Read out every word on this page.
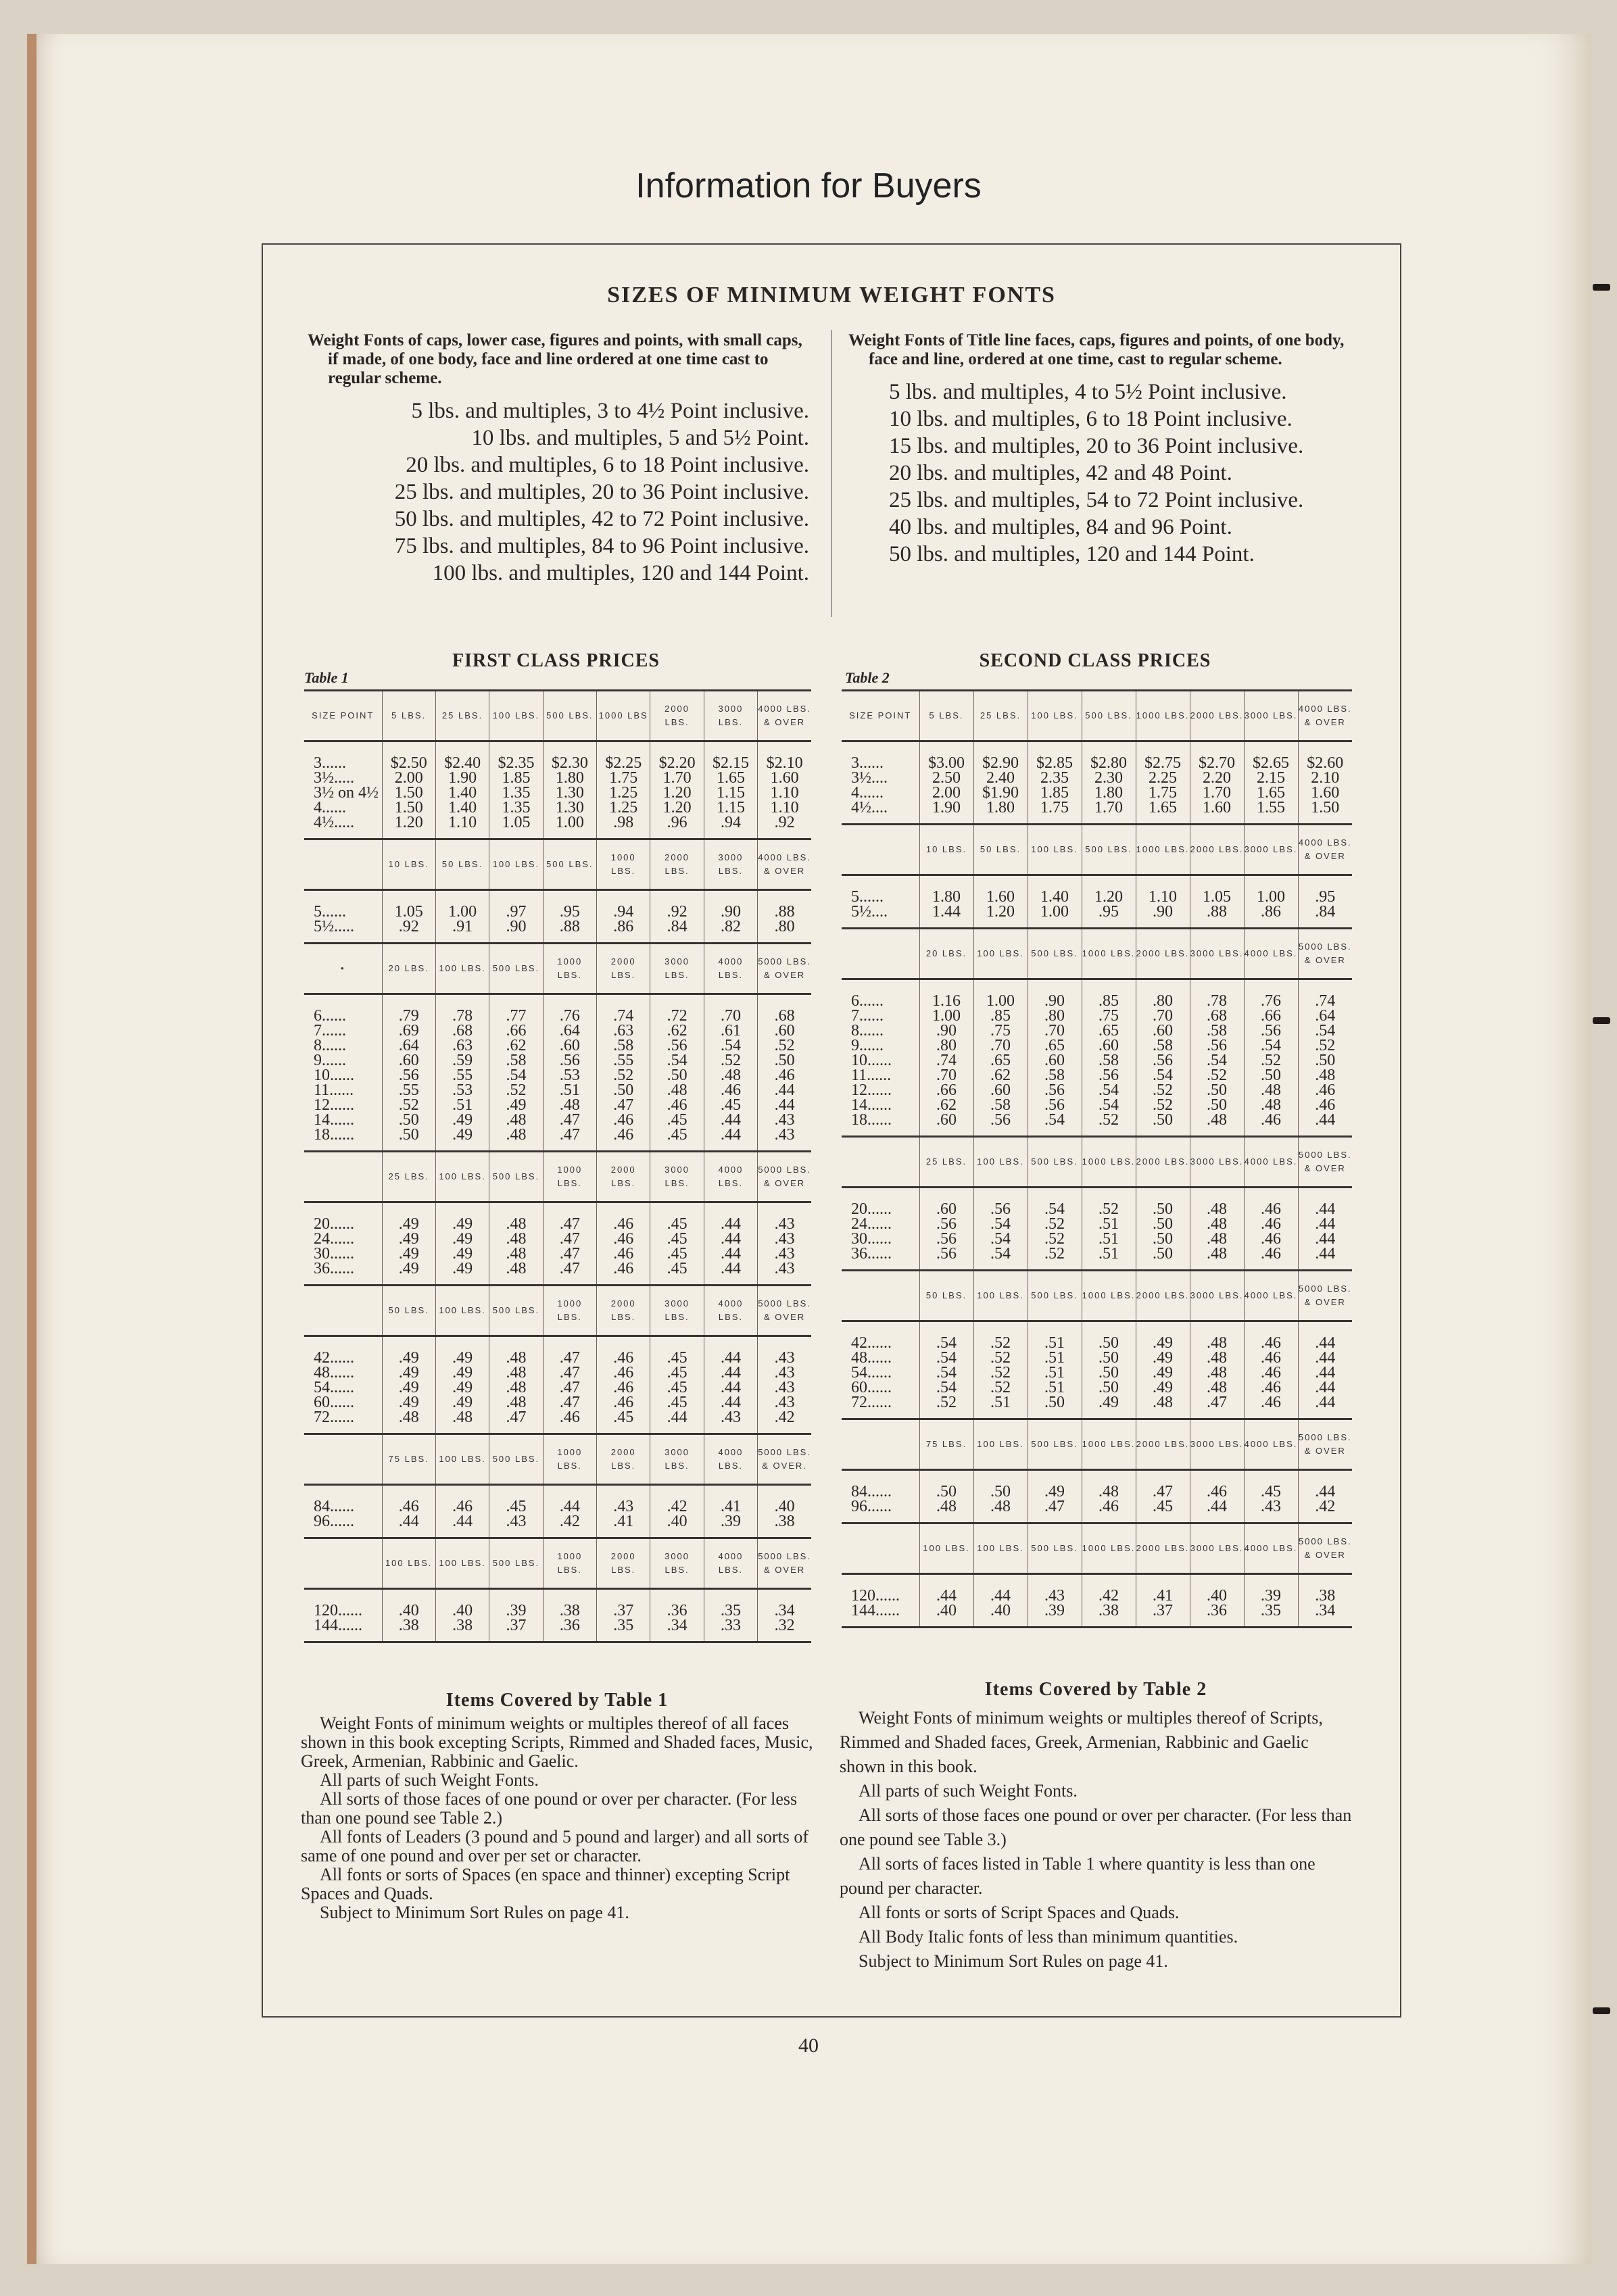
Information for Buyers
SIZES OF MINIMUM WEIGHT FONTS
Weight Fonts of caps, lower case, figures and points, with small caps, if made, of one body, face and line ordered at one time cast to regular scheme.
5 lbs. and multiples, 3 to 4½ Point inclusive.
10 lbs. and multiples, 5 and 5½ Point.
20 lbs. and multiples, 6 to 18 Point inclusive.
25 lbs. and multiples, 20 to 36 Point inclusive.
50 lbs. and multiples, 42 to 72 Point inclusive.
75 lbs. and multiples, 84 to 96 Point inclusive.
100 lbs. and multiples, 120 and 144 Point.
Weight Fonts of Title line faces, caps, figures and points, of one body, face and line, ordered at one time, cast to regular scheme.
5 lbs. and multiples, 4 to 5½ Point inclusive.
10 lbs. and multiples, 6 to 18 Point inclusive.
15 lbs. and multiples, 20 to 36 Point inclusive.
20 lbs. and multiples, 42 and 48 Point.
25 lbs. and multiples, 54 to 72 Point inclusive.
40 lbs. and multiples, 84 and 96 Point.
50 lbs. and multiples, 120 and 144 Point.
FIRST CLASS PRICES
Table 1
SIZE POINT	5 LBS.	25 LBS.	100 LBS.	500 LBS.	1000 LBS	2000 LBS.	3000 LBS.	4000 LBS. & OVER

3......	$2.50	$2.40	$2.35	$2.30	$2.25	$2.20	$2.15	$2.10
3½.....	2.00	1.90	1.85	1.80	1.75	1.70	1.65	1.60
3½ on 4½	1.50	1.40	1.35	1.30	1.25	1.20	1.15	1.10
4......	1.50	1.40	1.35	1.30	1.25	1.20	1.15	1.10
4½.....	1.20	1.10	1.05	1.00	.98	.96	.94	.92

	10 LBS.	50 LBS.	100 LBS.	500 LBS.	1000 LBS.	2000 LBS.	3000 LBS.	4000 LBS. & OVER

5......	1.05	1.00	.97	.95	.94	.92	.90	.88
5½.....	.92	.91	.90	.88	.86	.84	.82	.80

•	20 LBS.	100 LBS.	500 LBS.	1000 LBS.	2000 LBS.	3000 LBS.	4000 LBS.	5000 LBS. & OVER

6......	.79	.78	.77	.76	.74	.72	.70	.68
7......	.69	.68	.66	.64	.63	.62	.61	.60
8......	.64	.63	.62	.60	.58	.56	.54	.52
9......	.60	.59	.58	.56	.55	.54	.52	.50
10......	.56	.55	.54	.53	.52	.50	.48	.46
11......	.55	.53	.52	.51	.50	.48	.46	.44
12......	.52	.51	.49	.48	.47	.46	.45	.44
14......	.50	.49	.48	.47	.46	.45	.44	.43
18......	.50	.49	.48	.47	.46	.45	.44	.43

	25 LBS.	100 LBS.	500 LBS.	1000 LBS.	2000 LBS.	3000 LBS.	4000 LBS.	5000 LBS. & OVER

20......	.49	.49	.48	.47	.46	.45	.44	.43
24......	.49	.49	.48	.47	.46	.45	.44	.43
30......	.49	.49	.48	.47	.46	.45	.44	.43
36......	.49	.49	.48	.47	.46	.45	.44	.43

	50 LBS.	100 LBS.	500 LBS.	1000 LBS.	2000 LBS.	3000 LBS.	4000 LBS.	5000 LBS. & OVER

42......	.49	.49	.48	.47	.46	.45	.44	.43
48......	.49	.49	.48	.47	.46	.45	.44	.43
54......	.49	.49	.48	.47	.46	.45	.44	.43
60......	.49	.49	.48	.47	.46	.45	.44	.43
72......	.48	.48	.47	.46	.45	.44	.43	.42

	75 LBS.	100 LBS.	500 LBS.	1000 LBS.	2000 LBS.	3000 LBS.	4000 LBS.	5000 LBS. & OVER.

84......	.46	.46	.45	.44	.43	.42	.41	.40
96......	.44	.44	.43	.42	.41	.40	.39	.38

	100 LBS.	100 LBS.	500 LBS.	1000 LBS.	2000 LBS.	3000 LBS.	4000 LBS.	5000 LBS. & OVER

120......	.40	.40	.39	.38	.37	.36	.35	.34
144......	.38	.38	.37	.36	.35	.34	.33	.32

SECOND CLASS PRICES
Table 2
SIZE POINT	5 LBS.	25 LBS.	100 LBS.	500 LBS.	1000 LBS.	2000 LBS.	3000 LBS.	4000 LBS. & OVER

3......	$3.00	$2.90	$2.85	$2.80	$2.75	$2.70	$2.65	$2.60
3½....	2.50	2.40	2.35	2.30	2.25	2.20	2.15	2.10
4......	2.00	$1.90	1.85	1.80	1.75	1.70	1.65	1.60
4½....	1.90	1.80	1.75	1.70	1.65	1.60	1.55	1.50

	10 LBS.	50 LBS.	100 LBS.	500 LBS.	1000 LBS.	2000 LBS.	3000 LBS.	4000 LBS. & OVER

5......	1.80	1.60	1.40	1.20	1.10	1.05	1.00	.95
5½....	1.44	1.20	1.00	.95	.90	.88	.86	.84

	20 LBS.	100 LBS.	500 LBS.	1000 LBS.	2000 LBS.	3000 LBS.	4000 LBS.	5000 LBS. & OVER

6......	1.16	1.00	.90	.85	.80	.78	.76	.74
7......	1.00	.85	.80	.75	.70	.68	.66	.64
8......	.90	.75	.70	.65	.60	.58	.56	.54
9......	.80	.70	.65	.60	.58	.56	.54	.52
10......	.74	.65	.60	.58	.56	.54	.52	.50
11......	.70	.62	.58	.56	.54	.52	.50	.48
12......	.66	.60	.56	.54	.52	.50	.48	.46
14......	.62	.58	.56	.54	.52	.50	.48	.46
18......	.60	.56	.54	.52	.50	.48	.46	.44

	25 LBS.	100 LBS.	500 LBS.	1000 LBS.	2000 LBS.	3000 LBS.	4000 LBS.	5000 LBS. & OVER

20......	.60	.56	.54	.52	.50	.48	.46	.44
24......	.56	.54	.52	.51	.50	.48	.46	.44
30......	.56	.54	.52	.51	.50	.48	.46	.44
36......	.56	.54	.52	.51	.50	.48	.46	.44

	50 LBS.	100 LBS.	500 LBS.	1000 LBS.	2000 LBS.	3000 LBS.	4000 LBS.	5000 LBS. & OVER

42......	.54	.52	.51	.50	.49	.48	.46	.44
48......	.54	.52	.51	.50	.49	.48	.46	.44
54......	.54	.52	.51	.50	.49	.48	.46	.44
60......	.54	.52	.51	.50	.49	.48	.46	.44
72......	.52	.51	.50	.49	.48	.47	.46	.44

	75 LBS.	100 LBS.	500 LBS.	1000 LBS.	2000 LBS.	3000 LBS.	4000 LBS.	5000 LBS. & OVER

84......	.50	.50	.49	.48	.47	.46	.45	.44
96......	.48	.48	.47	.46	.45	.44	.43	.42

	100 LBS.	100 LBS.	500 LBS.	1000 LBS.	2000 LBS.	3000 LBS.	4000 LBS.	5000 LBS. & OVER

120......	.44	.44	.43	.42	.41	.40	.39	.38
144......	.40	.40	.39	.38	.37	.36	.35	.34

Items Covered by Table 1

Weight Fonts of minimum weights or multiples thereof of all faces shown in this book excepting Scripts, Rimmed and Shaded faces, Music, Greek, Armenian, Rabbinic and Gaelic.

All parts of such Weight Fonts.

All sorts of those faces of one pound or over per character. (For less than one pound see Table 2.)

All fonts of Leaders (3 pound and 5 pound and larger) and all sorts of same of one pound and over per set or character.

All fonts or sorts of Spaces (en space and thinner) excepting Script Spaces and Quads.

Subject to Minimum Sort Rules on page 41.

Items Covered by Table 2

Weight Fonts of minimum weights or multiples thereof of Scripts, Rimmed and Shaded faces, Greek, Armenian, Rabbinic and Gaelic shown in this book.

All parts of such Weight Fonts.

All sorts of those faces one pound or over per character. (For less than one pound see Table 3.)

All sorts of faces listed in Table 1 where quantity is less than one pound per character.

All fonts or sorts of Script Spaces and Quads.

All Body Italic fonts of less than minimum quantities.

Subject to Minimum Sort Rules on page 41.

40
